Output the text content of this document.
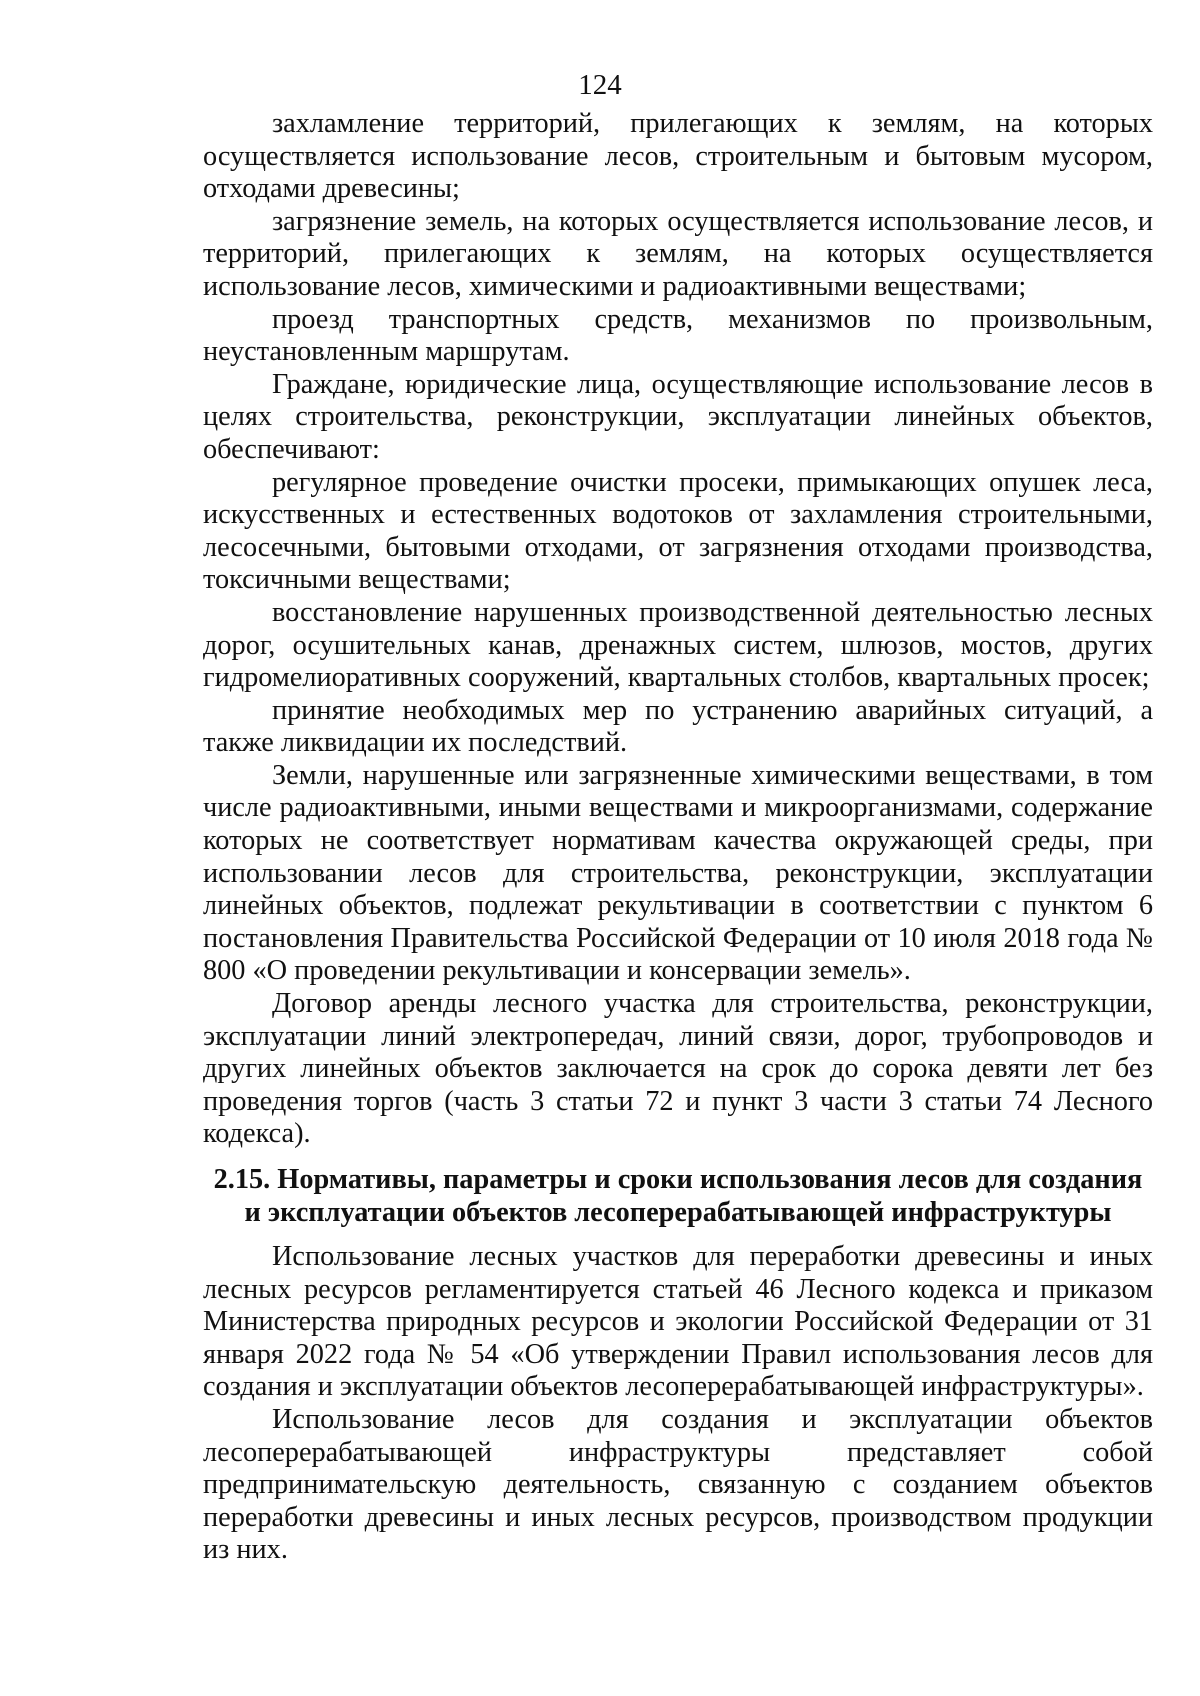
124

захламление территорий, прилегающих к землям, на которых осуществляется использование лесов, строительным и бытовым мусором, отходами древесины;

загрязнение земель, на которых осуществляется использование лесов, и территорий, прилегающих к землям, на которых осуществляется использование лесов, химическими и радиоактивными веществами;

проезд транспортных средств, механизмов по произвольным, неустановленным маршрутам.

Граждане, юридические лица, осуществляющие использование лесов в целях строительства, реконструкции, эксплуатации линейных объектов, обеспечивают:

регулярное проведение очистки просеки, примыкающих опушек леса, искусственных и естественных водотоков от захламления строительными, лесосечными, бытовыми отходами, от загрязнения отходами производства, токсичными веществами;

восстановление нарушенных производственной деятельностью лесных дорог, осушительных канав, дренажных систем, шлюзов, мостов, других гидромелиоративных сооружений, квартальных столбов, квартальных просек;

принятие необходимых мер по устранению аварийных ситуаций, а также ликвидации их последствий.

Земли, нарушенные или загрязненные химическими веществами, в том числе радиоактивными, иными веществами и микроорганизмами, содержание которых не соответствует нормативам качества окружающей среды, при использовании лесов для строительства, реконструкции, эксплуатации линейных объектов, подлежат рекультивации в соответствии с пунктом 6 постановления Правительства Российской Федерации от 10 июля 2018 года № 800 «О проведении рекультивации и консервации земель».

Договор аренды лесного участка для строительства, реконструкции, эксплуатации линий электропередач, линий связи, дорог, трубопроводов и других линейных объектов заключается на срок до сорока девяти лет без проведения торгов (часть 3 статьи 72 и пункт 3 части 3 статьи 74 Лесного кодекса).

2.15. Нормативы, параметры и сроки использования лесов для создания и эксплуатации объектов лесоперерабатывающей инфраструктуры

Использование лесных участков для переработки древесины и иных лесных ресурсов регламентируется статьей 46 Лесного кодекса и приказом Министерства природных ресурсов и экологии Российской Федерации от 31 января 2022 года № 54 «Об утверждении Правил использования лесов для создания и эксплуатации объектов лесоперерабатывающей инфраструктуры».

Использование лесов для создания и эксплуатации объектов лесоперерабатывающей инфраструктуры представляет собой предпринимательскую деятельность, связанную с созданием объектов переработки древесины и иных лесных ресурсов, производством продукции из них.
